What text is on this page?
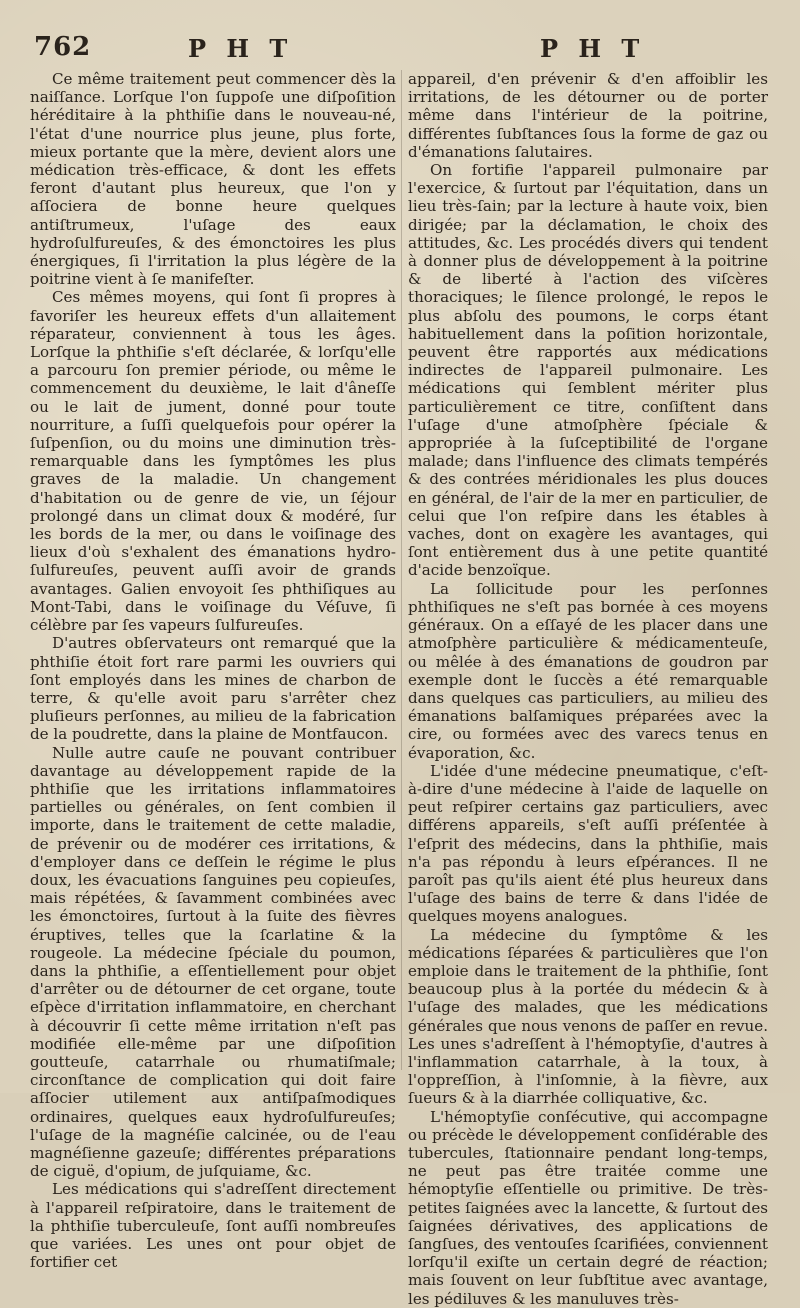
762	P H T	P H T

Ce même traitement peut commencer dès la naiſſance. Lorſque l'on ſuppoſe une diſpoſition héréditaire à la phthiſie dans le nouveau-né, l'état d'une nourrice plus jeune, plus forte, mieux portante que la mère, devient alors une médication très-efficace, & dont les effets feront d'autant plus heureux, que l'on y aſſociera de bonne heure quelques antiſtrumeux, l'uſage des eaux hydroſulfureuſes, & des émonctoires les plus énergiques, ſi l'irritation la plus légère de la poitrine vient à ſe manifeſter.

Ces mêmes moyens, qui ſont ſi propres à favoriſer les heureux effets d'un allaitement réparateur, conviennent à tous les âges. Lorſque la phthiſie s'eſt déclarée, & lorſqu'elle a parcouru ſon premier période, ou même le commencement du deuxième, le lait d'âneſſe ou le lait de jument, donné pour toute nourriture, a ſuſſi quelquefois pour opérer la ſuſpenſion, ou du moins une diminution très-remarquable dans les ſymptômes les plus graves de la maladie. Un changement d'habitation ou de genre de vie, un ſéjour prolongé dans un climat doux & modéré, ſur les bords de la mer, ou dans le voiſinage des lieux d'où s'exhalent des émanations hydro-ſulfureuſes, peuvent auſſi avoir de grands avantages. Galien envoyoit ſes phthiſiques au Mont-Tabi, dans le voiſinage du Véſuve, ſi célèbre par ſes vapeurs ſulfureuſes.

D'autres obſervateurs ont remarqué que la phthiſie étoit fort rare parmi les ouvriers qui ſont employés dans les mines de charbon de terre, & qu'elle avoit paru s'arrêter chez pluſieurs perſonnes, au milieu de la fabrication de la poudrette, dans la plaine de Montfaucon.

Nulle autre cauſe ne pouvant contribuer davantage au développement rapide de la phthiſie que les irritations inflammatoires partielles ou générales, on ſent combien il importe, dans le traitement de cette maladie, de prévenir ou de modérer ces irritations, & d'employer dans ce deſſein le régime le plus doux, les évacuations ſanguines peu copieuſes, mais répétées, & ſavamment combinées avec les émonctoires, ſurtout à la ſuite des fièvres éruptives, telles que la ſcarlatine & la rougeole. La médecine ſpéciale du poumon, dans la phthiſie, a eſſentiellement pour objet d'arrêter ou de détourner de cet organe, toute eſpèce d'irritation inflammatoire, en cherchant à découvrir ſi cette même irritation n'eſt pas modifiée elle-même par une diſpoſition goutteuſe, catarrhale ou rhumatiſmale; circonſtance de complication qui doit faire aſſocier utilement aux antiſpaſmodiques ordinaires, quelques eaux hydroſulfureuſes; l'uſage de la magnéſie calcinée, ou de l'eau magnéſienne gazeuſe; différentes préparations de ciguë, d'opium, de juſquiame, &c.

Les médications qui s'adreſſent directement à l'appareil reſpiratoire, dans le traitement de la phthiſie tuberculeuſe, ſont auſſi nombreuſes que variées. Les unes ont pour objet de fortifier cet

appareil, d'en prévenir & d'en affoiblir les irritations, de les détourner ou de porter même dans l'intérieur de la poitrine, différentes ſubſtances ſous la forme de gaz ou d'émanations ſalutaires.

On fortifie l'appareil pulmonaire par l'exercice, & ſurtout par l'équitation, dans un lieu très-ſain; par la lecture à haute voix, bien dirigée; par la déclamation, le choix des attitudes, &c. Les procédés divers qui tendent à donner plus de développement à la poitrine & de liberté à l'action des viſcères thoraciques; le ſilence prolongé, le repos le plus abſolu des poumons, le corps étant habituellement dans la poſition horizontale, peuvent être rapportés aux médications indirectes de l'appareil pulmonaire. Les médications qui ſemblent mériter plus particulièrement ce titre, conſiſtent dans l'uſage d'une atmoſphère ſpéciale & appropriée à la ſuſceptibilité de l'organe malade; dans l'influence des climats tempérés & des contrées méridionales les plus douces en général, de l'air de la mer en particulier, de celui que l'on reſpire dans les étables à vaches, dont on exagère les avantages, qui ſont entièrement dus à une petite quantité d'acide benzoïque.

La ſollicitude pour les perſonnes phthiſiques ne s'eſt pas bornée à ces moyens généraux. On a eſſayé de les placer dans une atmoſphère particulière & médicamenteuſe, ou mêlée à des émanations de goudron par exemple dont le ſuccès a été remarquable dans quelques cas particuliers, au milieu des émanations balſamiques préparées avec la cire, ou formées avec des varecs tenus en évaporation, &c.

L'idée d'une médecine pneumatique, c'eſt-à-dire d'une médecine à l'aide de laquelle on peut reſpirer certains gaz particuliers, avec différens appareils, s'eſt auſſi préſentée à l'eſprit des médecins, dans la phthiſie, mais n'a pas répondu à leurs eſpérances. Il ne paroît pas qu'ils aient été plus heureux dans l'uſage des bains de terre & dans l'idée de quelques moyens analogues.

La médecine du ſymptôme & les médications ſéparées & particulières que l'on emploie dans le traitement de la phthiſie, ſont beaucoup plus à la portée du médecin & à l'uſage des malades, que les médications générales que nous venons de paſſer en revue. Les unes s'adreſſent à l'hémoptyſie, d'autres à l'inflammation catarrhale, à la toux, à l'oppreſſion, à l'inſomnie, à la fièvre, aux ſueurs & à la diarrhée colliquative, &c.

L'hémoptyſie conſécutive, qui accompagne ou précède le développement conſidérable des tubercules, ſtationnaire pendant long-temps, ne peut pas être traitée comme une hémoptyſie eſſentielle ou primitive. De très-petites ſaignées avec la lancette, & ſurtout des ſaignées dérivatives, des applications de ſangſues, des ventouſes ſcarifiées, conviennent lorſqu'il exiſte un certain degré de réaction; mais ſouvent on leur ſubſtitue avec avantage, les pédiluves & les manuluves très-
